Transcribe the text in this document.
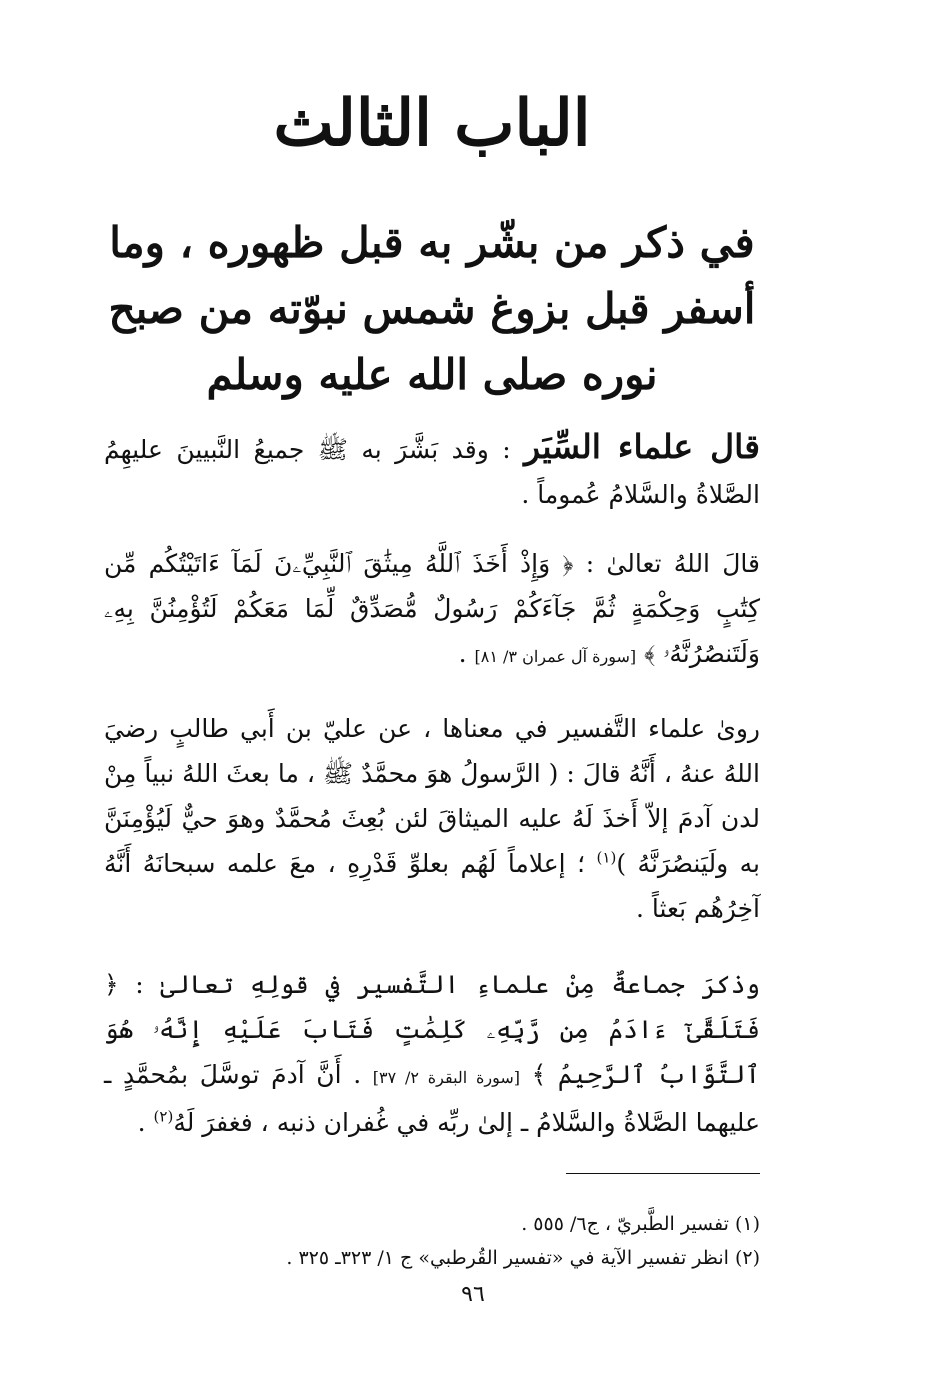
الباب الثالث
في ذكر من بشّر به قبل ظهوره ، وما أسفر قبل بزوغ شمس نبوّته من صبح نوره صلى الله عليه وسلم

قال علماء السِّيَر : وقد بَشَّرَ به ﷺ جميعُ النَّبيينَ عليهِمُ الصَّلاةُ والسَّلامُ عُموماً .

قالَ اللهُ تعالىٰ : ﴿ وَإِذْ أَخَذَ ٱللَّهُ مِيثَٰقَ ٱلنَّبِيِّۦنَ لَمَآ ءَاتَيْتُكُم مِّن كِتَٰبٍ وَحِكْمَةٍ ثُمَّ جَآءَكُمْ رَسُولٌ مُّصَدِّقٌ لِّمَا مَعَكُمْ لَتُؤْمِنُنَّ بِهِۦ وَلَتَنصُرُنَّهُۥ ﴾ [سورة آل عمران ٣/ ٨١] .

روىٰ علماء التَّفسير في معناها ، عن عليّ بن أَبي طالبٍ رضيَ اللهُ عنهُ ، أَنَّهُ قالَ : ( الرَّسولُ هوَ محمَّدٌ ﷺ ، ما بعثَ اللهُ نبياً مِنْ لدن آدمَ إلاّ أَخذَ لَهُ عليه الميثاقَ لئن بُعِثَ مُحمَّدٌ وهوَ حيٌّ لَيُؤْمِنَنَّ به ولَيَنصُرَنَّهُ )$^{(١)}$ ؛ إعلاماً لَهُم بعلوِّ قَدْرِهِ ، معَ علمه سبحانَهُ أَنَّهُ آخِرُهُم بَعثاً .

وذكرَ جماعةٌ مِنْ علماءِ التَّفسير في قولِهِ تعالىٰ : ﴿ فَتَلَقَّىٰٓ ءَادَمُ مِن رَّبِّهِۦ كَلِمَٰتٍ فَتَابَ عَلَيْهِ إِنَّهُۥ هُوَ ٱلتَّوَّابُ ٱلرَّحِيمُ ﴾ [سورة البقرة ٢/ ٣٧] . أَنَّ آدمَ توسَّلَ بمُحمَّدٍ ـ عليهما الصَّلاةُ والسَّلامُ ـ إلىٰ ربِّه في غُفران ذنبه ، فغفرَ لَهُ$^{(٢)}$ .

(١) تفسير الطَّبريّ ، ج٦/ ٥٥٥ .

(٢) انظر تفسير الآية في «تفسير القُرطبي» ج ١/ ٣٢٣ـ ٣٢٥ .

٩٦
